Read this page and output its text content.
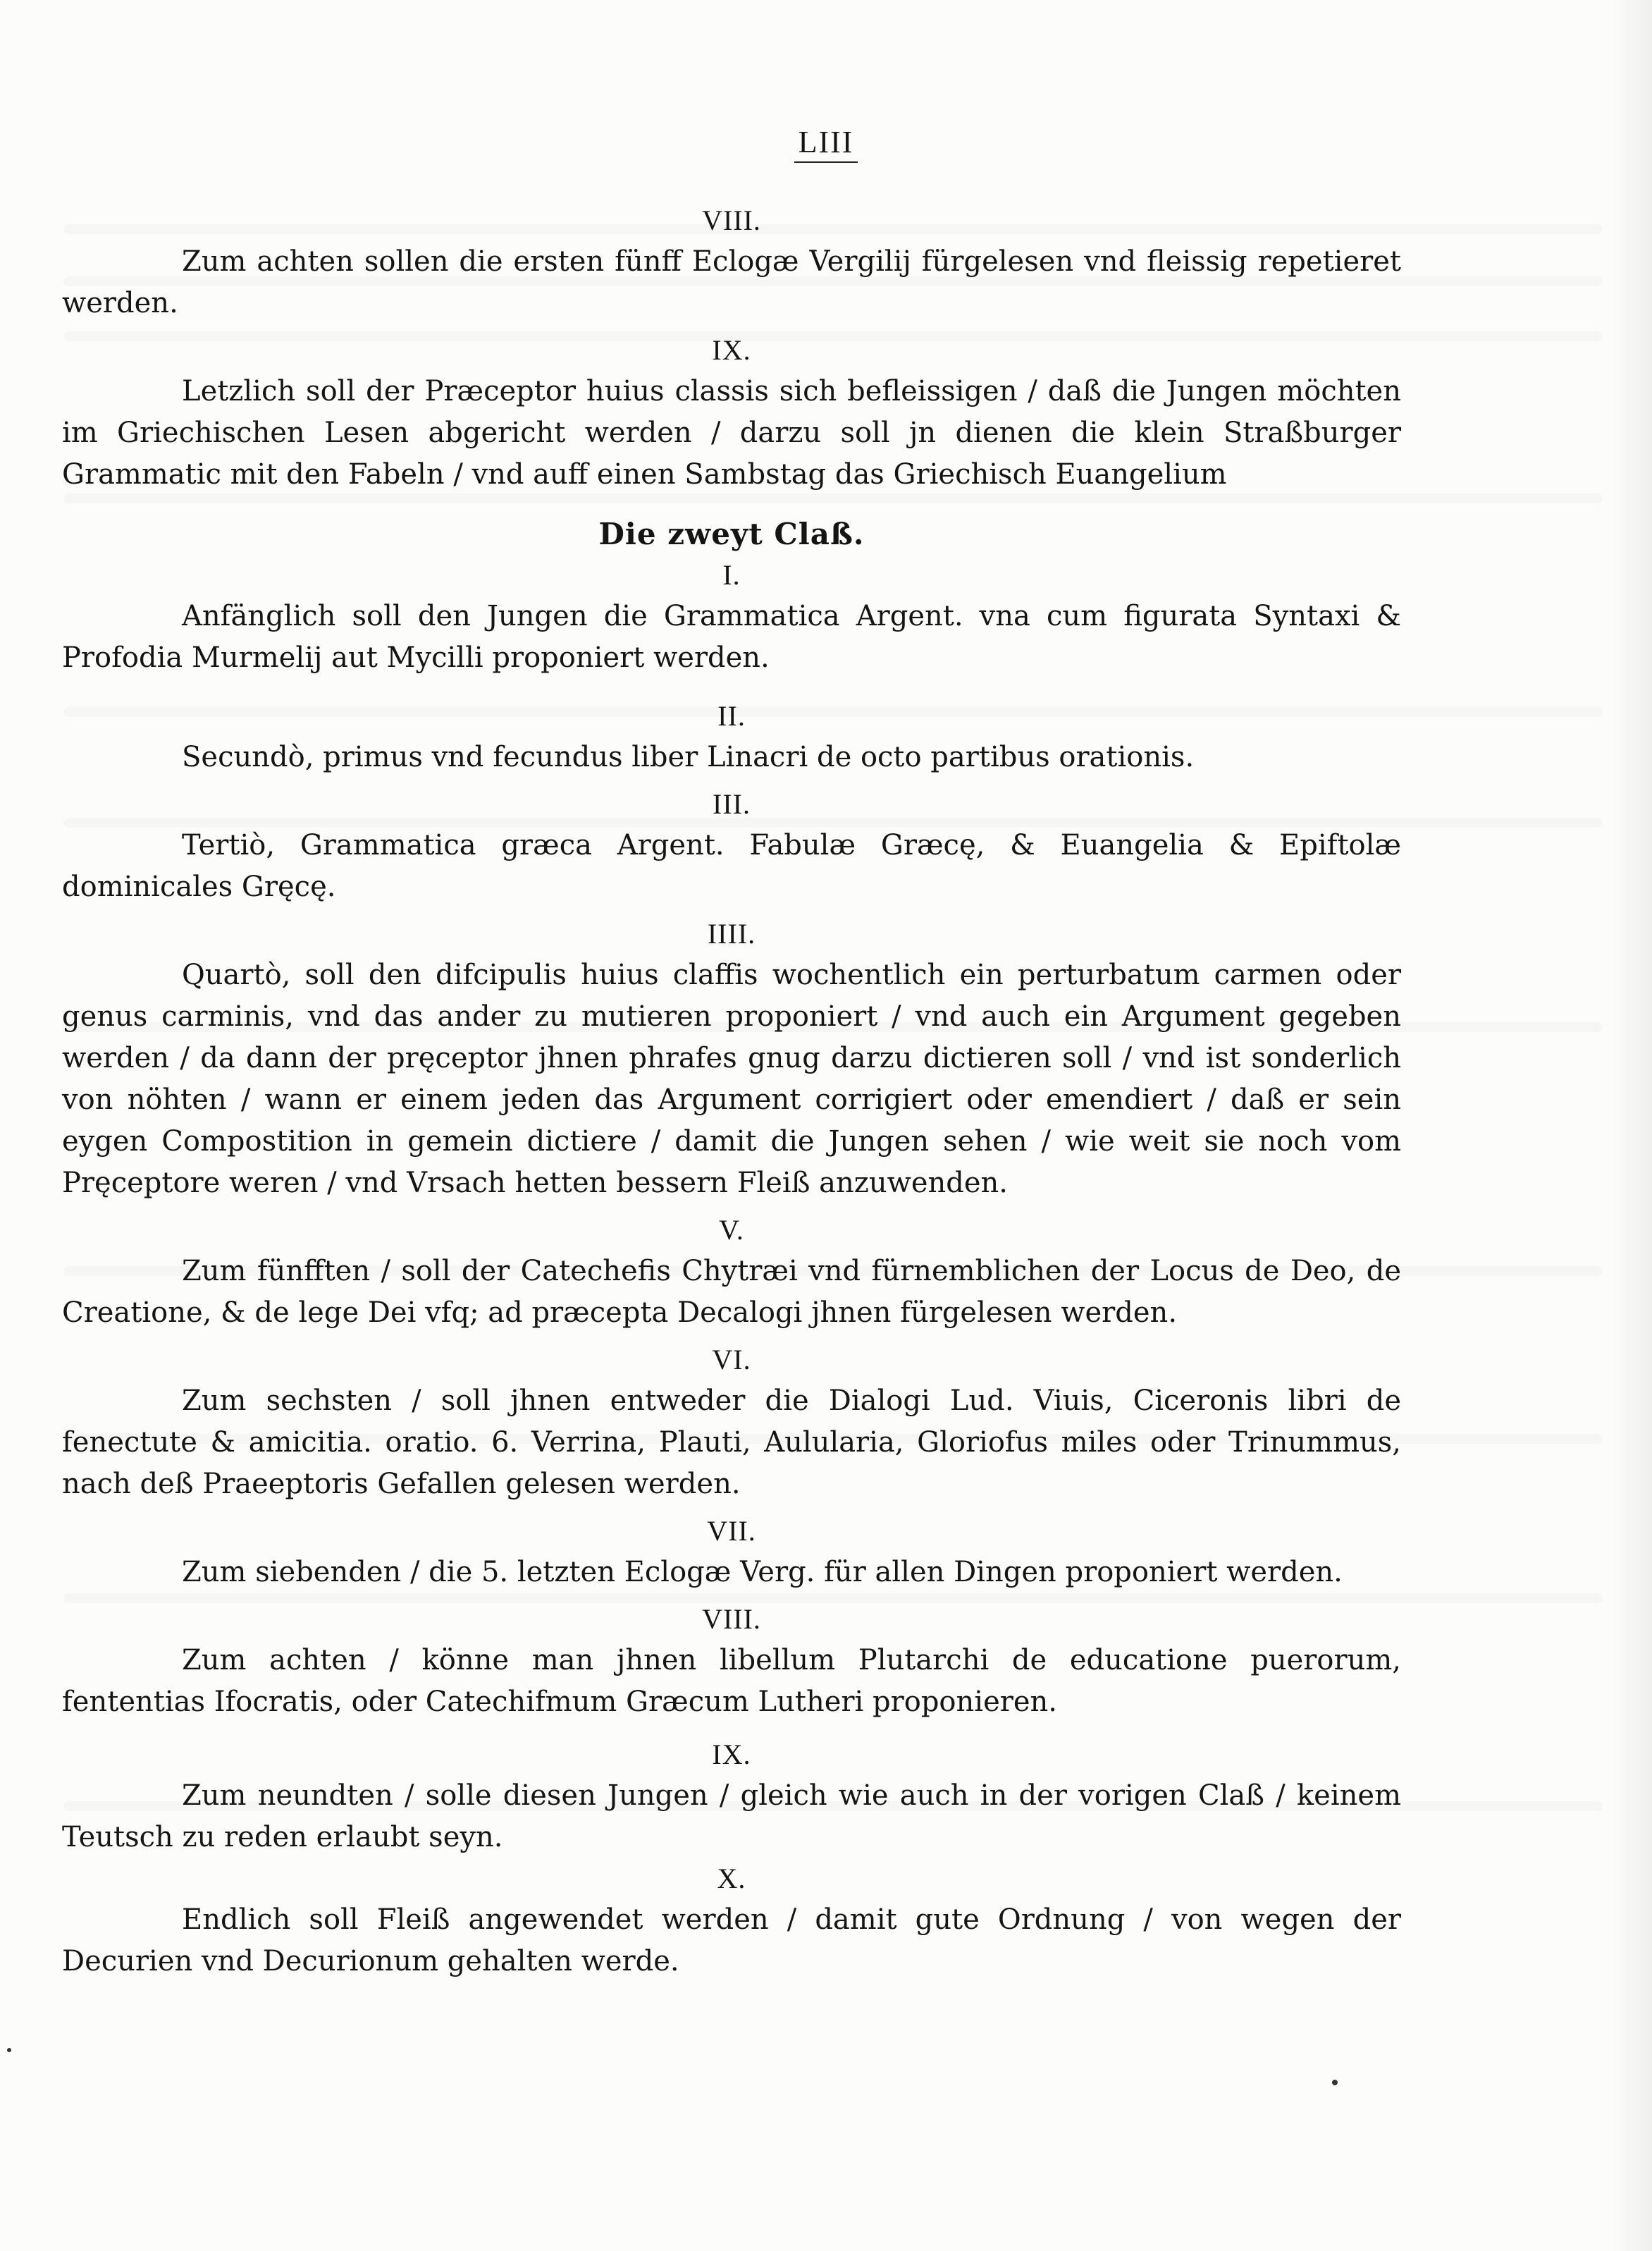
LIII
VIII.

Zum achten sollen die ersten fünff Eclogæ Vergilij fürgelesen vnd fleissig repetieret werden.

IX.

Letzlich soll der Præceptor huius classis sich befleissigen / daß die Jungen möchten im Griechischen Lesen abgericht werden / darzu soll jn dienen die klein Straßburger Grammatic mit den Fabeln / vnd auff einen Sambstag das Griechisch Euangelium

Die zweyt Claß.
I.

Anfänglich soll den Jungen die Grammatica Argent. vna cum figurata Syntaxi & Profodia Murmelij aut Mycilli proponiert werden.

II.

Secundò, primus vnd fecundus liber Linacri de octo partibus orationis.

III.

Tertiò, Grammatica græca Argent. Fabulæ Græcę, & Euangelia & Epiftolæ dominicales Gręcę.

IIII.

Quartò, soll den difcipulis huius claffis wochentlich ein perturbatum carmen oder genus carminis, vnd das ander zu mutieren proponiert / vnd auch ein Argument gegeben werden / da dann der pręceptor jhnen phrafes gnug darzu dictieren soll / vnd ist sonderlich von nöhten / wann er einem jeden das Argument corrigiert oder emendiert / daß er sein eygen Compostition in gemein dictiere / damit die Jungen sehen / wie weit sie noch vom Pręceptore weren / vnd Vrsach hetten bessern Fleiß anzuwenden.

V.

Zum fünfften / soll der Catechefis Chytræi vnd fürnemblichen der Locus de Deo, de Creatione, & de lege Dei vfq; ad præcepta Decalogi jhnen fürgelesen werden.

VI.

Zum sechsten / soll jhnen entweder die Dialogi Lud. Viuis, Ciceronis libri de fenectute & amicitia. oratio. 6. Verrina, Plauti, Aulularia, Gloriofus miles oder Trinummus, nach deß Praeeptoris Gefallen gelesen werden.

VII.

Zum siebenden / die 5. letzten Eclogæ Verg. für allen Dingen proponiert werden.

VIII.

Zum achten / könne man jhnen libellum Plutarchi de educatione puerorum, fententias Ifocratis, oder Catechifmum Græcum Lutheri proponieren.

IX.

Zum neundten / solle diesen Jungen / gleich wie auch in der vorigen Claß / keinem Teutsch zu reden erlaubt seyn.

X.

Endlich soll Fleiß angewendet werden / damit gute Ordnung / von wegen der Decurien vnd Decurionum gehalten werde.
